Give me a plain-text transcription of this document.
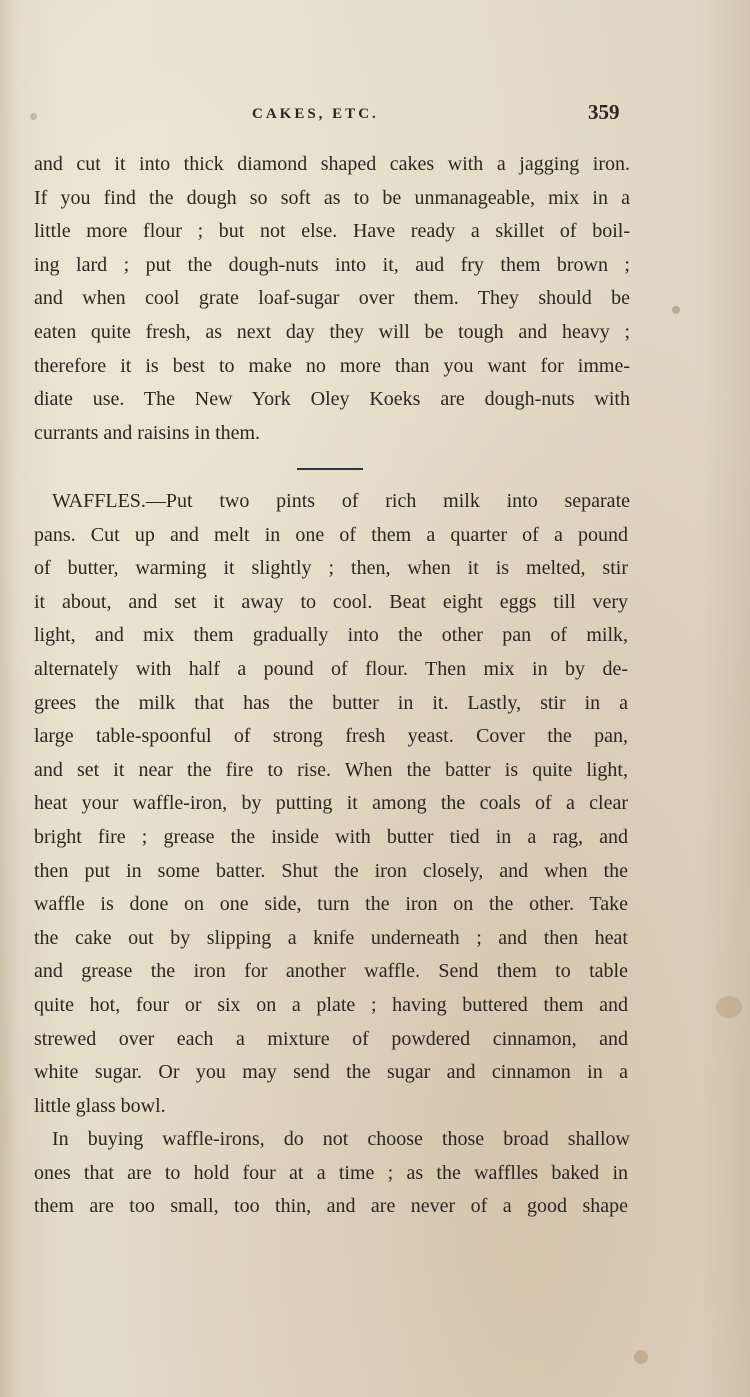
CAKES, ETC.	359
and cut it into thick diamond shaped cakes with a jagging iron.
If you find the dough so soft as to be unmanageable, mix in a
little more flour ; but not else. Have ready a skillet of boil-
ing lard ; put the dough-nuts into it, aud fry them brown ;
and when cool grate loaf-sugar over them. They should be
eaten quite fresh, as next day they will be tough and heavy ;
therefore it is best to make no more than you want for imme-
diate use. The New York Oley Koeks are dough-nuts with
currants and raisins in them.
WAFFLES.—Put two pints of rich milk into separate
pans. Cut up and melt in one of them a quarter of a pound
of butter, warming it slightly ; then, when it is melted, stir
it about, and set it away to cool. Beat eight eggs till very
light, and mix them gradually into the other pan of milk,
alternately with half a pound of flour. Then mix in by de-
grees the milk that has the butter in it. Lastly, stir in a
large table-spoonful of strong fresh yeast. Cover the pan,
and set it near the fire to rise. When the batter is quite light,
heat your waffle-iron, by putting it among the coals of a clear
bright fire ; grease the inside with butter tied in a rag, and
then put in some batter. Shut the iron closely, and when the
waffle is done on one side, turn the iron on the other. Take
the cake out by slipping a knife underneath ; and then heat
and grease the iron for another waffle. Send them to table
quite hot, four or six on a plate ; having buttered them and
strewed over each a mixture of powdered cinnamon, and
white sugar. Or you may send the sugar and cinnamon in a
little glass bowl.
In buying waffle-irons, do not choose those broad shallow
ones that are to hold four at a time ; as the wafflles baked in
them are too small, too thin, and are never of a good shape
